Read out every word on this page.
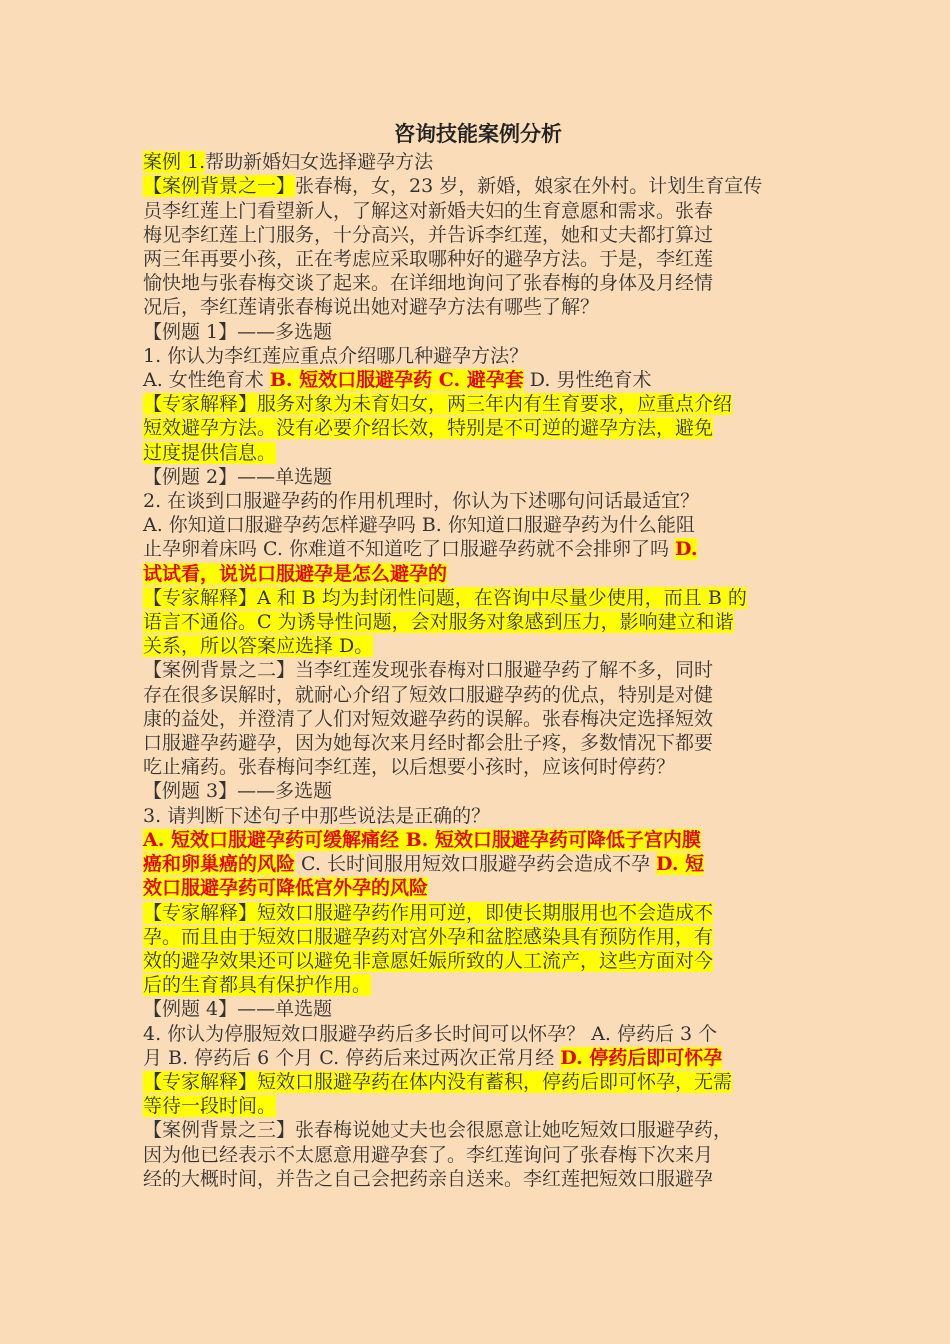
咨询技能案例分析
案例 1.帮助新婚妇女选择避孕方法
【案例背景之一】张春梅，女，23 岁，新婚，娘家在外村。计划生育宣传
员李红莲上门看望新人，了解这对新婚夫妇的生育意愿和需求。张春
梅见李红莲上门服务，十分高兴，并告诉李红莲，她和丈夫都打算过
两三年再要小孩，正在考虑应采取哪种好的避孕方法。于是，李红莲
愉快地与张春梅交谈了起来。在详细地询问了张春梅的身体及月经情
况后，李红莲请张春梅说出她对避孕方法有哪些了解？
【例题 1】——多选题
1. 你认为李红莲应重点介绍哪几种避孕方法？
A. 女性绝育术 B. 短效口服避孕药 C. 避孕套 D. 男性绝育术
【专家解释】服务对象为未育妇女，两三年内有生育要求，应重点介绍
短效避孕方法。没有必要介绍长效，特别是不可逆的避孕方法，避免
过度提供信息。
【例题 2】——单选题
2. 在谈到口服避孕药的作用机理时，你认为下述哪句问话最适宜？
A. 你知道口服避孕药怎样避孕吗 B. 你知道口服避孕药为什么能阻
止孕卵着床吗 C. 你难道不知道吃了口服避孕药就不会排卵了吗 D.
试试看，说说口服避孕是怎么避孕的
【专家解释】A 和 B 均为封闭性问题，在咨询中尽量少使用，而且 B 的
语言不通俗。C 为诱导性问题，会对服务对象感到压力，影响建立和谐
关系，所以答案应选择 D。
【案例背景之二】当李红莲发现张春梅对口服避孕药了解不多，同时
存在很多误解时，就耐心介绍了短效口服避孕药的优点，特别是对健
康的益处，并澄清了人们对短效避孕药的误解。张春梅决定选择短效
口服避孕药避孕，因为她每次来月经时都会肚子疼，多数情况下都要
吃止痛药。张春梅问李红莲，以后想要小孩时，应该何时停药？
【例题 3】——多选题
3. 请判断下述句子中那些说法是正确的？
A. 短效口服避孕药可缓解痛经 B. 短效口服避孕药可降低子宫内膜
癌和卵巢癌的风险 C. 长时间服用短效口服避孕药会造成不孕 D. 短
效口服避孕药可降低宫外孕的风险
【专家解释】短效口服避孕药作用可逆，即使长期服用也不会造成不
孕。而且由于短效口服避孕药对宫外孕和盆腔感染具有预防作用，有
效的避孕效果还可以避免非意愿妊娠所致的人工流产，这些方面对今
后的生育都具有保护作用。
【例题 4】——单选题
4. 你认为停服短效口服避孕药后多长时间可以怀孕？ A. 停药后 3 个
月 B. 停药后 6 个月 C. 停药后来过两次正常月经 D. 停药后即可怀孕
【专家解释】短效口服避孕药在体内没有蓄积，停药后即可怀孕，无需
等待一段时间。
【案例背景之三】张春梅说她丈夫也会很愿意让她吃短效口服避孕药，
因为他已经表示不太愿意用避孕套了。李红莲询问了张春梅下次来月
经的大概时间，并告之自己会把药亲自送来。李红莲把短效口服避孕
